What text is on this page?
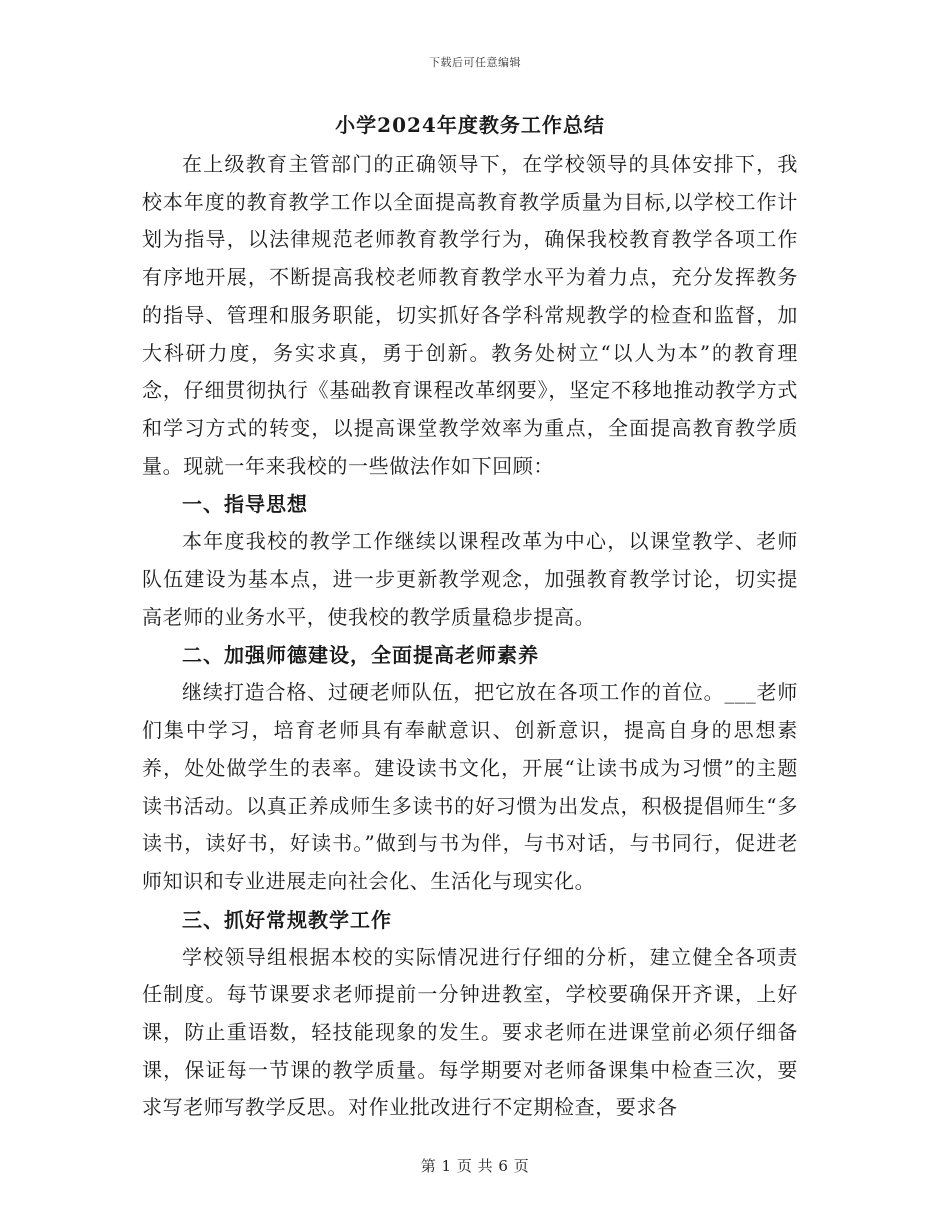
下载后可任意编辑
小学2024年度教务工作总结

在上级教育主管部门的正确领导下，在学校领导的具体安排下，我校本年度的教育教学工作以全面提高教育教学质量为目标,以学校工作计划为指导，以法律规范老师教育教学行为，确保我校教育教学各项工作有序地开展，不断提高我校老师教育教学水平为着力点，充分发挥教务的指导、管理和服务职能，切实抓好各学科常规教学的检查和监督，加大科研力度，务实求真，勇于创新。教务处树立“以人为本”的教育理念，仔细贯彻执行《基础教育课程改革纲要》，坚定不移地推动教学方式和学习方式的转变，以提高课堂教学效率为重点，全面提高教育教学质量。现就一年来我校的一些做法作如下回顾：

一、指导思想

本年度我校的教学工作继续以课程改革为中心，以课堂教学、老师队伍建设为基本点，进一步更新教学观念，加强教育教学讨论，切实提高老师的业务水平，使我校的教学质量稳步提高。

二、加强师德建设，全面提高老师素养

继续打造合格、过硬老师队伍，把它放在各项工作的首位。___老师们集中学习，培育老师具有奉献意识、创新意识，提高自身的思想素养，处处做学生的表率。建设读书文化，开展“让读书成为习惯”的主题读书活动。以真正养成师生多读书的好习惯为出发点，积极提倡师生“多读书，读好书，好读书。”做到与书为伴，与书对话，与书同行，促进老师知识和专业进展走向社会化、生活化与现实化。

三、抓好常规教学工作

学校领导组根据本校的实际情况进行仔细的分析，建立健全各项责任制度。每节课要求老师提前一分钟进教室，学校要确保开齐课，上好课，防止重语数，轻技能现象的发生。要求老师在进课堂前必须仔细备课，保证每一节课的教学质量。每学期要对老师备课集中检查三次，要求写老师写教学反思。对作业批改进行不定期检查，要求各

第 1 页 共 6 页
